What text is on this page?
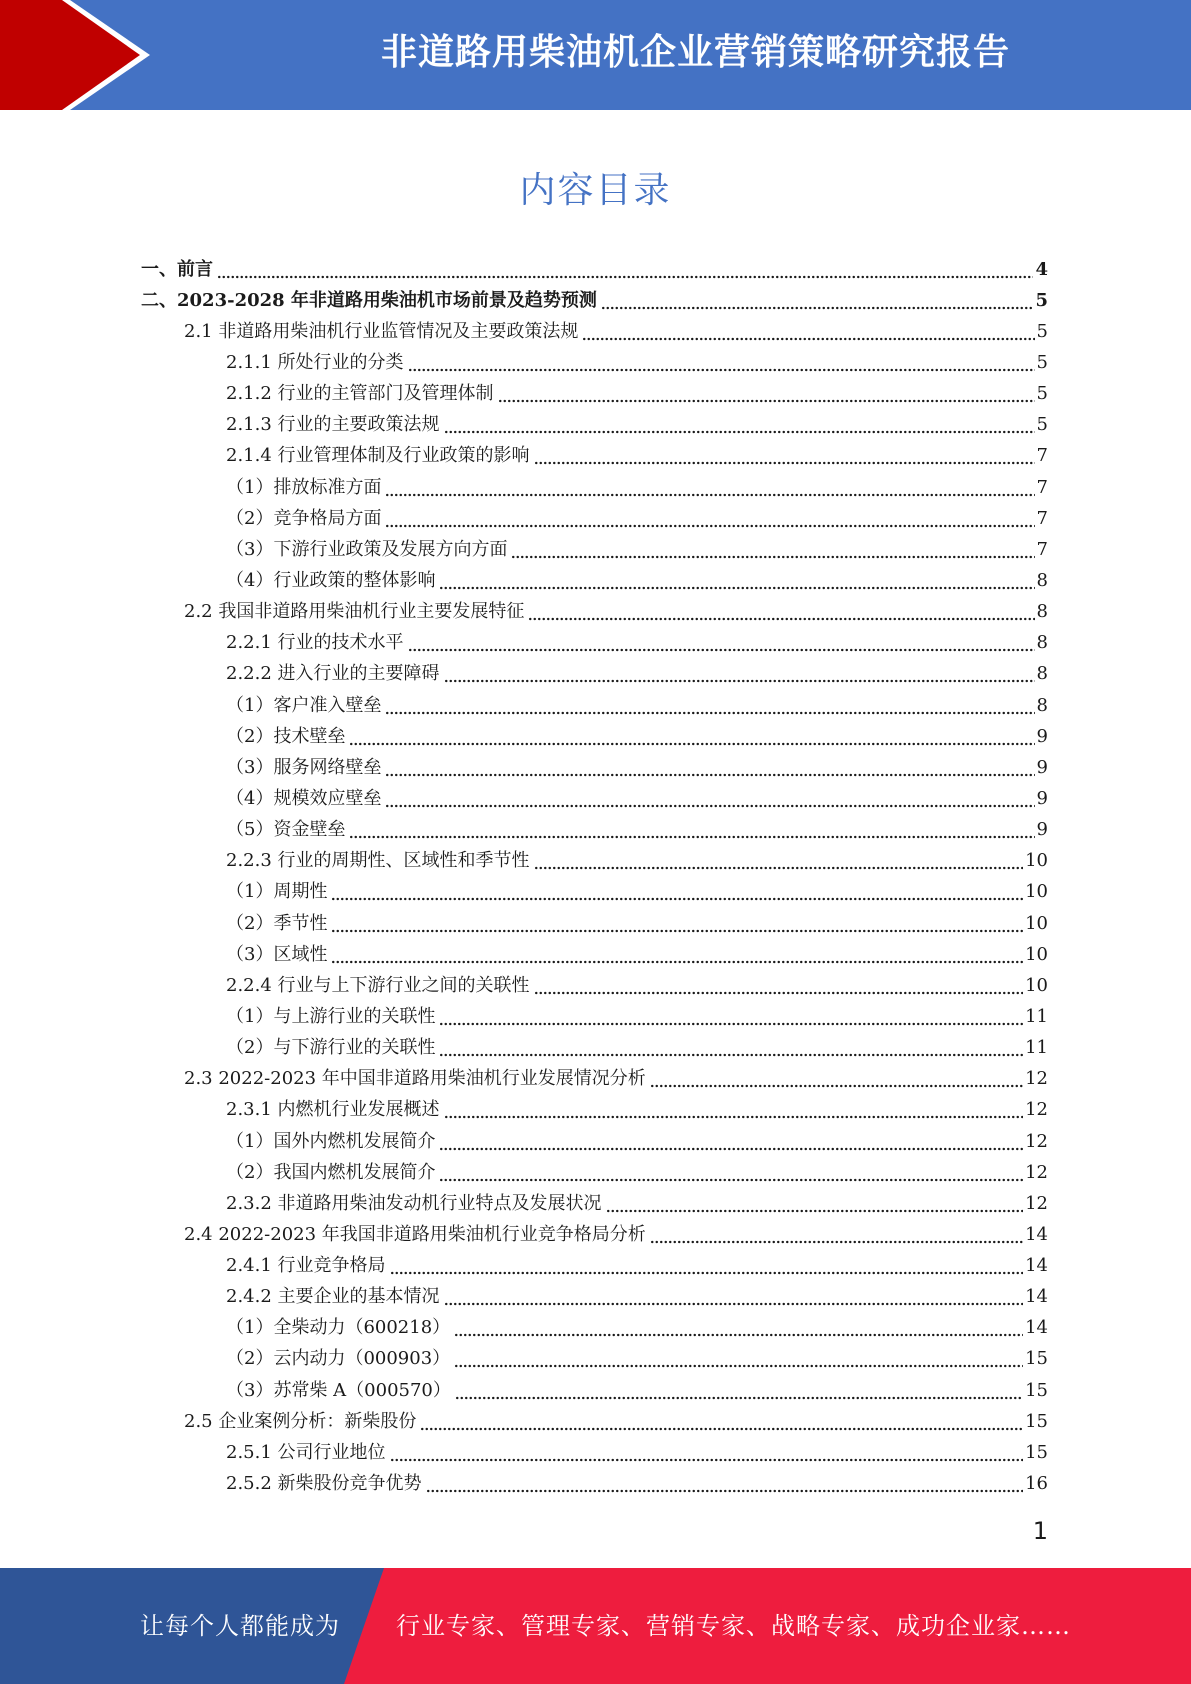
非道路用柴油机企业营销策略研究报告
内容目录
一、前言	4
二、2023-2028 年非道路用柴油机市场前景及趋势预测	5
2.1 非道路用柴油机行业监管情况及主要政策法规	5
2.1.1 所处行业的分类	5
2.1.2 行业的主管部门及管理体制	5
2.1.3 行业的主要政策法规	5
2.1.4 行业管理体制及行业政策的影响	7
（1）排放标准方面	7
（2）竞争格局方面	7
（3）下游行业政策及发展方向方面	7
（4）行业政策的整体影响	8
2.2 我国非道路用柴油机行业主要发展特征	8
2.2.1 行业的技术水平	8
2.2.2 进入行业的主要障碍	8
（1）客户准入壁垒	8
（2）技术壁垒	9
（3）服务网络壁垒	9
（4）规模效应壁垒	9
（5）资金壁垒	9
2.2.3 行业的周期性、区域性和季节性	10
（1）周期性	10
（2）季节性	10
（3）区域性	10
2.2.4 行业与上下游行业之间的关联性	10
（1）与上游行业的关联性	11
（2）与下游行业的关联性	11
2.3 2022-2023 年中国非道路用柴油机行业发展情况分析	12
2.3.1 内燃机行业发展概述	12
（1）国外内燃机发展简介	12
（2）我国内燃机发展简介	12
2.3.2 非道路用柴油发动机行业特点及发展状况	12
2.4 2022-2023 年我国非道路用柴油机行业竞争格局分析	14
2.4.1 行业竞争格局	14
2.4.2 主要企业的基本情况	14
（1）全柴动力（600218）	14
（2）云内动力（000903）	15
（3）苏常柴 A（000570）	15
2.5 企业案例分析：新柴股份	15
2.5.1 公司行业地位	15
2.5.2 新柴股份竞争优势	16
1
让每个人都能成为 行业专家、管理专家、营销专家、战略专家、成功企业家……
